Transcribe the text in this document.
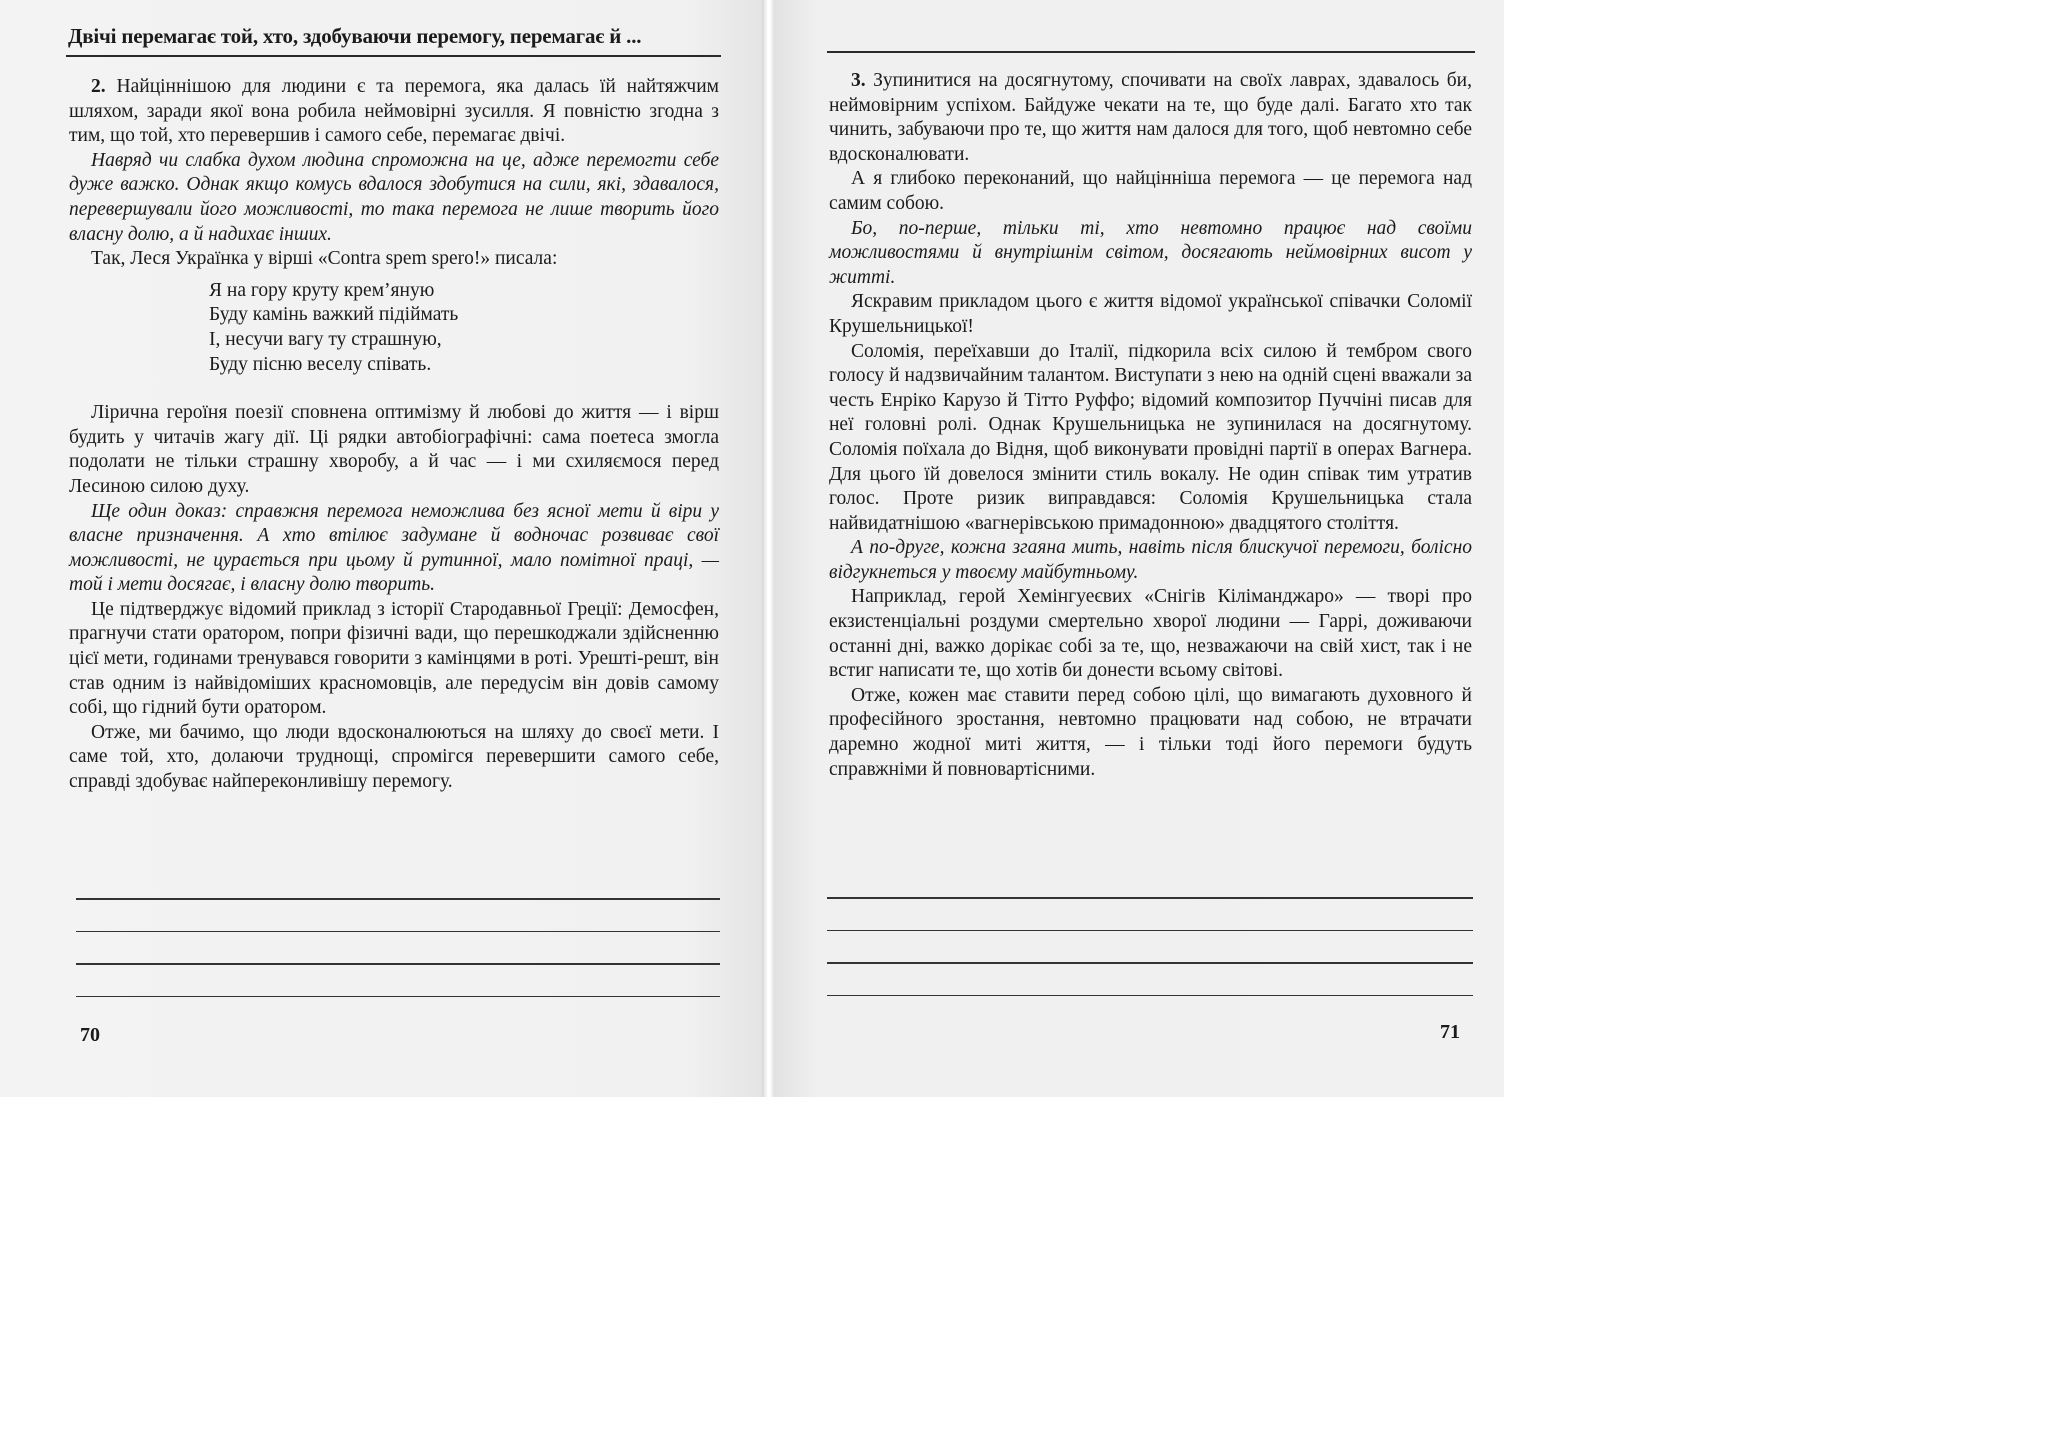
Двічі перемагає той, хто, здобуваючи перемогу, перемагає й ...

2. Найціннішою для людини є та перемога, яка далась їй найтяжчим шляхом, заради якої вона робила неймовірні зусилля. Я повністю згодна з тим, що той, хто перевершив і самого себе, перемагає двічі.

Навряд чи слабка духом людина спроможна на це, адже перемогти себе дуже важко. Однак якщо комусь вдалося здобутися на сили, які, здавалося, перевершували його можливості, то така перемога не лише творить його власну долю, а й надихає інших.

Так, Леся Українка у вірші «Contra spem spero!» писала:

Я на гору круту крем’яную
Буду камінь важкий підіймать
І, несучи вагу ту страшную,
Буду пісню веселу співать.

Лірична героїня поезії сповнена оптимізму й любові до життя — і вірш будить у читачів жагу дії. Ці рядки автобіографічні: сама поетеса змогла подолати не тільки страшну хворобу, а й час — і ми схиляємося перед Лесиною силою духу.

Ще один доказ: справжня перемога неможлива без ясної мети й віри у власне призначення. А хто втілює задумане й водночас розвиває свої можливості, не цурається при цьому й рутинної, мало помітної праці, — той і мети досягає, і власну долю творить.

Це підтверджує відомий приклад з історії Стародавньої Греції: Демосфен, прагнучи стати оратором, попри фізичні вади, що перешкоджали здійсненню цієї мети, годинами тренувався говорити з камінцями в роті. Урешті-решт, він став одним із найвідоміших красномовців, але передусім він довів самому собі, що гідний бути оратором.

Отже, ми бачимо, що люди вдосконалюються на шляху до своєї мети. І саме той, хто, долаючи труднощі, спромігся перевершити самого себе, справді здобуває найпереконливішу перемогу.

70

3. Зупинитися на досягнутому, спочивати на своїх лаврах, здавалось би, неймовірним успіхом. Байдуже чекати на те, що буде далі. Багато хто так чинить, забуваючи про те, що життя нам далося для того, щоб невтомно себе вдосконалювати.

А я глибоко переконаний, що найцінніша перемога — це перемога над самим собою.

Бо, по-перше, тільки ті, хто невтомно працює над своїми можливостями й внутрішнім світом, досягають неймовірних висот у житті.

Яскравим прикладом цього є життя відомої української співачки Соломії Крушельницької!

Соломія, переїхавши до Італії, підкорила всіх силою й тембром свого голосу й надзвичайним талантом. Виступати з нею на одній сцені вважали за честь Енріко Карузо й Тітто Руффо; відомий композитор Пуччіні писав для неї головні ролі. Однак Крушельницька не зупинилася на досягнутому. Соломія поїхала до Відня, щоб виконувати провідні партії в операх Вагнера. Для цього їй довелося змінити стиль вокалу. Не один співак тим утратив голос. Проте ризик виправдався: Соломія Крушельницька стала найвидатнішою «вагнерівською примадонною» двадцятого століття.

А по-друге, кожна згаяна мить, навіть після блискучої перемоги, болісно відгукнеться у твоєму майбутньому.

Наприклад, герой Хемінгуеєвих «Снігів Кіліманджаро» — творі про екзистенціальні роздуми смертельно хворої людини — Гаррі, доживаючи останні дні, важко дорікає собі за те, що, незважаючи на свій хист, так і не встиг написати те, що хотів би донести всьому світові.

Отже, кожен має ставити перед собою цілі, що вимагають духовного й професійного зростання, невтомно працювати над собою, не втрачати даремно жодної миті життя, — і тільки тоді його перемоги будуть справжніми й повновартісними.

71
